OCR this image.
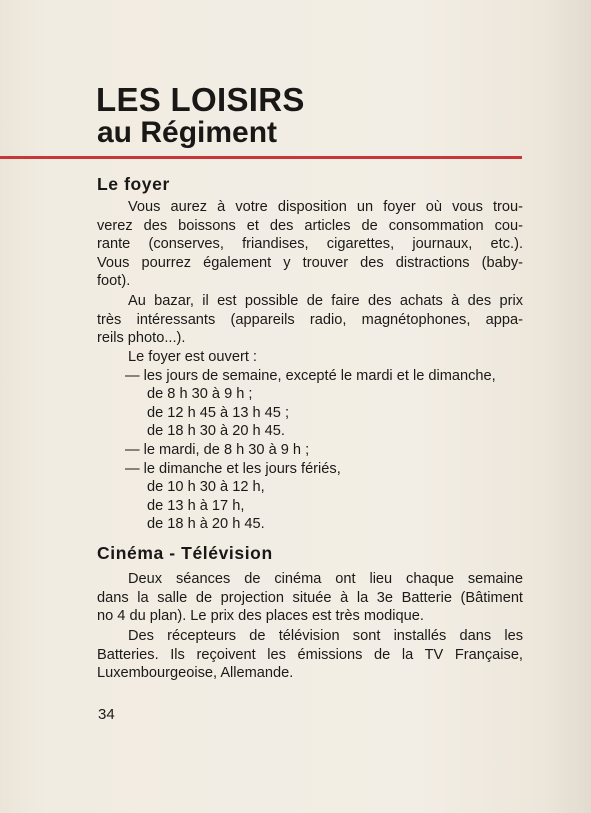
LES LOISIRS
au Régiment
Le foyer
Vous aurez à votre disposition un foyer où vous trou-
verez des boissons et des articles de consommation cou-
rante (conserves, friandises, cigarettes, journaux, etc.).
Vous pourrez également y trouver des distractions (baby-
foot).
Au bazar, il est possible de faire des achats à des prix
très intéressants (appareils radio, magnétophones, appa-
reils photo...).
Le foyer est ouvert :
— les jours de semaine, excepté le mardi et le dimanche,
de 8 h 30 à 9 h ;
de 12 h 45 à 13 h 45 ;
de 18 h 30 à 20 h 45.
— le mardi, de 8 h 30 à 9 h ;
— le dimanche et les jours fériés,
de 10 h 30 à 12 h,
de 13 h à 17 h,
de 18 h à 20 h 45.
Cinéma - Télévision
Deux séances de cinéma ont lieu chaque semaine
dans la salle de projection située à la 3e Batterie (Bâtiment
no 4 du plan). Le prix des places est très modique.
Des récepteurs de télévision sont installés dans les
Batteries. Ils reçoivent les émissions de la TV Française,
Luxembourgeoise, Allemande.
34
